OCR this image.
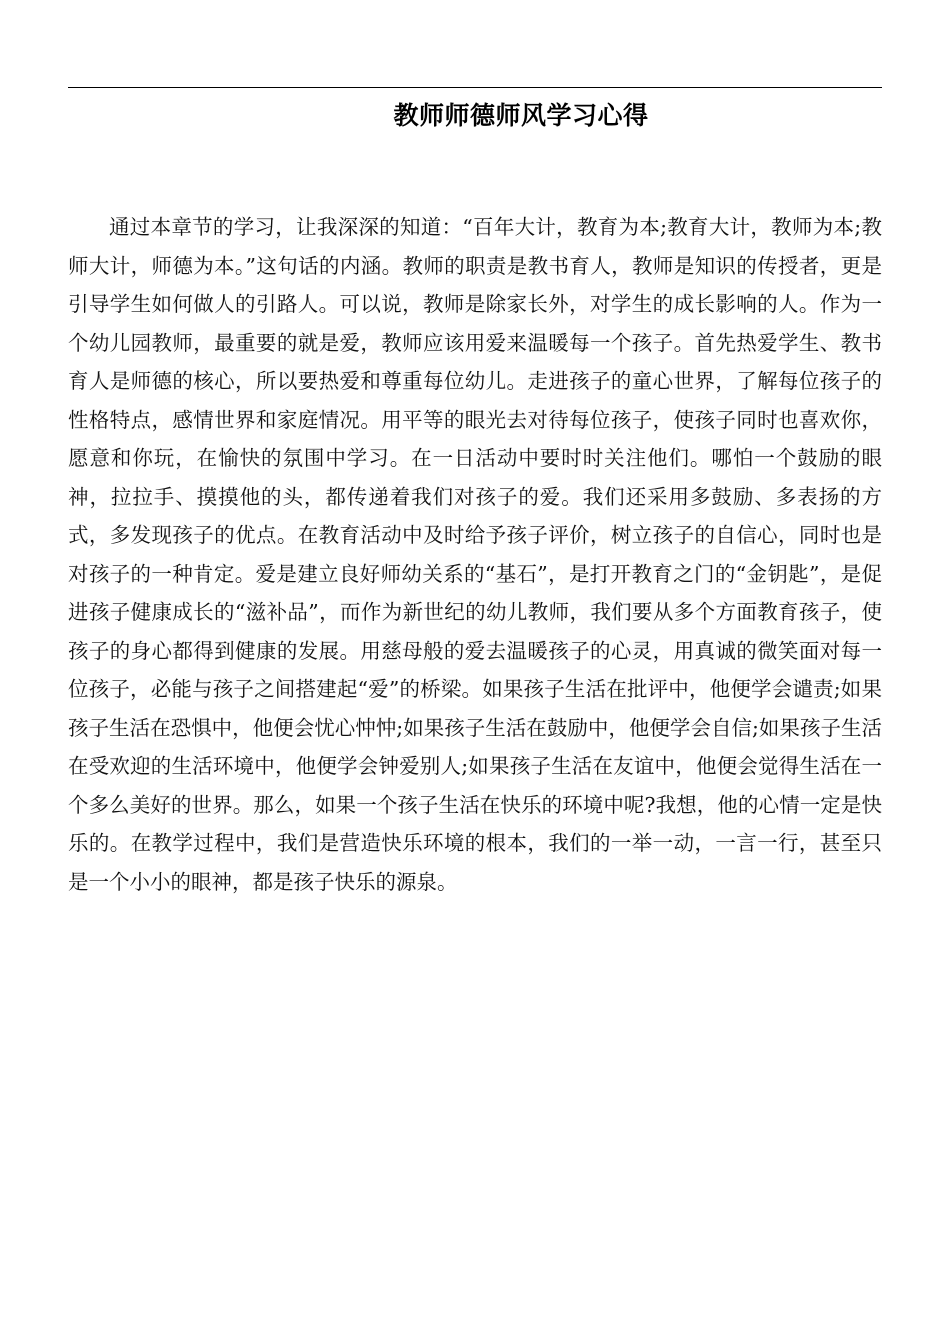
教师师德师风学习心得

通过本章节的学习，让我深深的知道：“百年大计，教育为本;教育大计，教师为本;教师大计，师德为本。”这句话的内涵。教师的职责是教书育人，教师是知识的传授者，更是引导学生如何做人的引路人。可以说，教师是除家长外，对学生的成长影响的人。作为一个幼儿园教师，最重要的就是爱，教师应该用爱来温暖每一个孩子。首先热爱学生、教书育人是师德的核心，所以要热爱和尊重每位幼儿。走进孩子的童心世界，了解每位孩子的性格特点，感情世界和家庭情况。用平等的眼光去对待每位孩子，使孩子同时也喜欢你，愿意和你玩，在愉快的氛围中学习。在一日活动中要时时关注他们。哪怕一个鼓励的眼神，拉拉手、摸摸他的头，都传递着我们对孩子的爱。我们还采用多鼓励、多表扬的方式，多发现孩子的优点。在教育活动中及时给予孩子评价，树立孩子的自信心，同时也是对孩子的一种肯定。爱是建立良好师幼关系的“基石”，是打开教育之门的“金钥匙”，是促进孩子健康成长的“滋补品”，而作为新世纪的幼儿教师，我们要从多个方面教育孩子，使孩子的身心都得到健康的发展。用慈母般的爱去温暖孩子的心灵，用真诚的微笑面对每一位孩子，必能与孩子之间搭建起“爱”的桥梁。如果孩子生活在批评中，他便学会谴责;如果孩子生活在恐惧中，他便会忧心忡忡;如果孩子生活在鼓励中，他便学会自信;如果孩子生活在受欢迎的生活环境中，他便学会钟爱别人;如果孩子生活在友谊中，他便会觉得生活在一个多么美好的世界。那么，如果一个孩子生活在快乐的环境中呢?我想，他的心情一定是快乐的。在教学过程中，我们是营造快乐环境的根本，我们的一举一动，一言一行，甚至只是一个小小的眼神，都是孩子快乐的源泉。
